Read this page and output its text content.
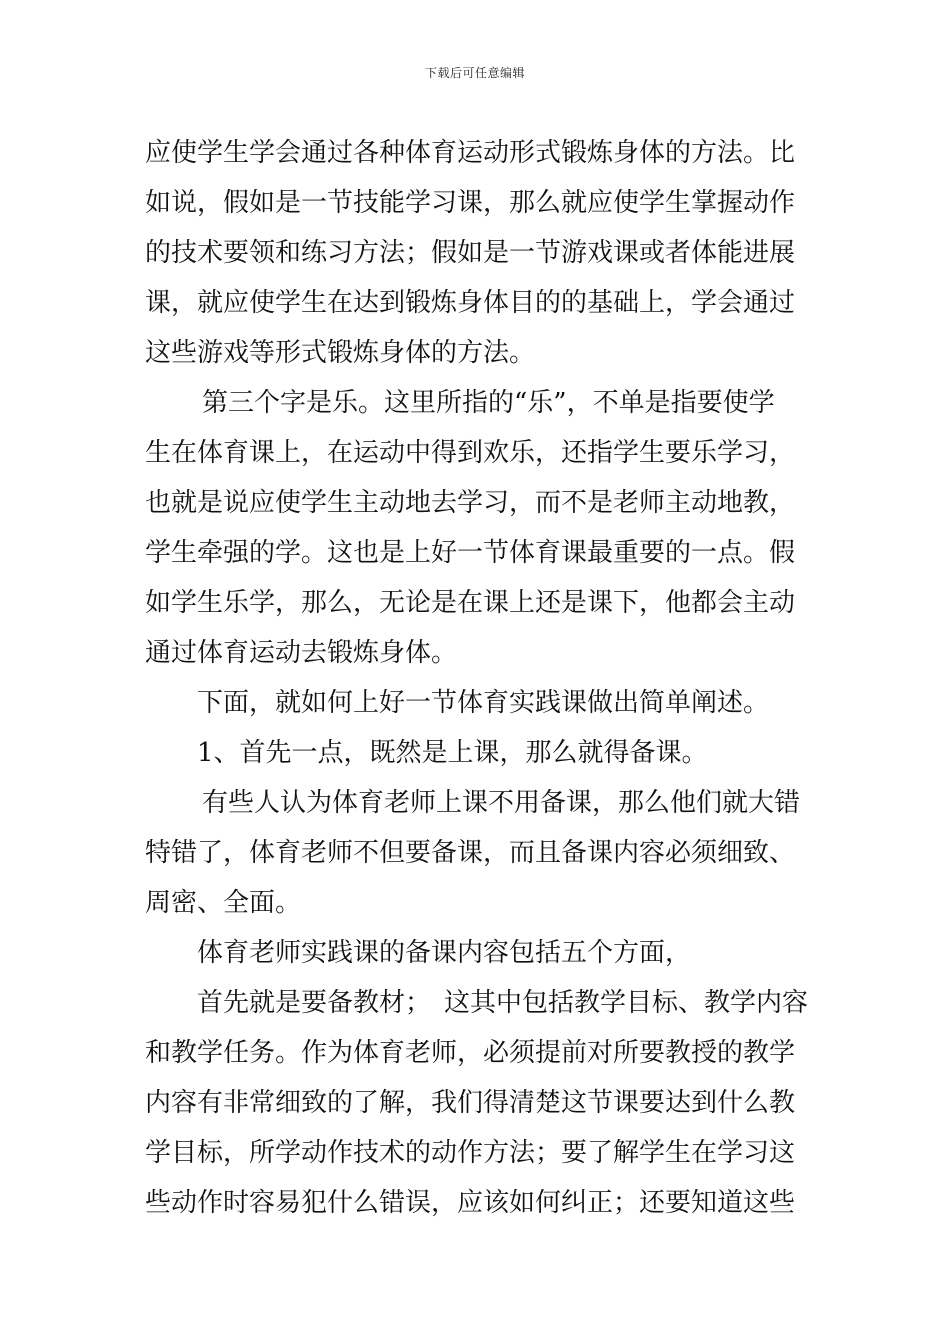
下载后可任意编辑
应使学生学会通过各种体育运动形式锻炼身体的方法。比
如说，假如是一节技能学习课，那么就应使学生掌握动作
的技术要领和练习方法；假如是一节游戏课或者体能进展
课，就应使学生在达到锻炼身体目的的基础上，学会通过
这些游戏等形式锻炼身体的方法。
第三个字是乐。这里所指的“乐”，不单是指要使学
生在体育课上，在运动中得到欢乐，还指学生要乐学习，
也就是说应使学生主动地去学习，而不是老师主动地教，
学生牵强的学。这也是上好一节体育课最重要的一点。假
如学生乐学，那么，无论是在课上还是课下，他都会主动
通过体育运动去锻炼身体。
下面，就如何上好一节体育实践课做出简单阐述。
1、首先一点，既然是上课，那么就得备课。
有些人认为体育老师上课不用备课，那么他们就大错
特错了，体育老师不但要备课，而且备课内容必须细致、
周密、全面。
体育老师实践课的备课内容包括五个方面，
首先就是要备教材；　这其中包括教学目标、教学内容
和教学任务。作为体育老师，必须提前对所要教授的教学
内容有非常细致的了解，我们得清楚这节课要达到什么教
学目标，所学动作技术的动作方法；要了解学生在学习这
些动作时容易犯什么错误，应该如何纠正；还要知道这些
